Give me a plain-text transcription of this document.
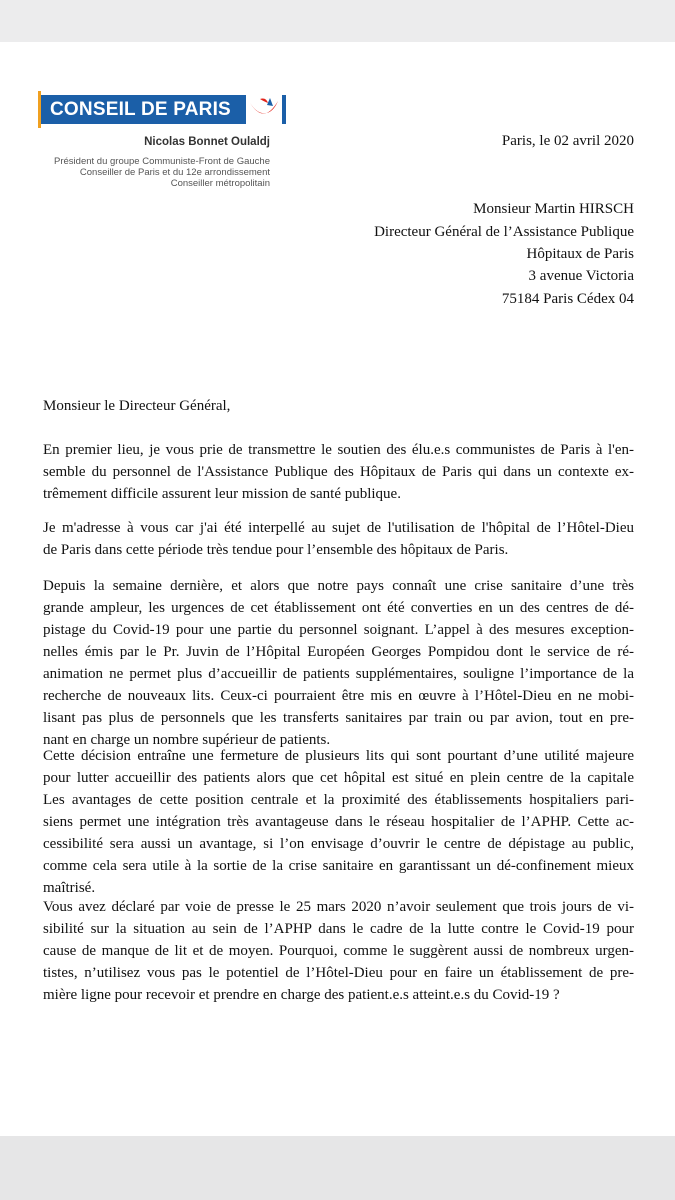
CONSEIL DE PARIS
Nicolas Bonnet Oulaldj
Président du groupe Communiste-Front de Gauche
Conseiller de Paris et du 12e arrondissement
Conseiller métropolitain
Paris, le 02 avril 2020
Monsieur Martin HIRSCH
Directeur Général de l’Assistance Publique
Hôpitaux de Paris
3 avenue Victoria
75184 Paris Cédex 04
Monsieur le Directeur Général,
En premier lieu, je vous prie de transmettre le soutien des élu.e.s communistes de Paris à l'en-
semble du personnel de l'Assistance Publique des Hôpitaux de Paris qui dans un contexte ex-
trêmement difficile assurent leur mission de santé publique.
Je m'adresse à vous car j'ai été interpellé au sujet de l'utilisation de l'hôpital de l’Hôtel-Dieu
de Paris dans cette période très tendue pour l’ensemble des hôpitaux de Paris.
Depuis la semaine dernière, et alors que notre pays connaît une crise sanitaire d’une très
grande ampleur, les urgences de cet établissement ont été converties en un des centres de dé-
pistage du Covid-19 pour une partie du personnel soignant. L’appel à des mesures exception-
nelles émis par le Pr. Juvin de l’Hôpital Européen Georges Pompidou dont le service de ré-
animation ne permet plus d’accueillir de patients supplémentaires, souligne l’importance de la
recherche de nouveaux lits. Ceux-ci pourraient être mis en œuvre à l’Hôtel-Dieu en ne mobi-
lisant pas plus de personnels que les transferts sanitaires par train ou par avion, tout en pre-
nant en charge un nombre supérieur de patients.
Cette décision entraîne une fermeture de plusieurs lits qui sont pourtant d’une utilité majeure
pour lutter accueillir des patients alors que cet hôpital est situé en plein centre de la capitale
Les avantages de cette position centrale et la proximité des établissements hospitaliers pari-
siens permet une intégration très avantageuse dans le réseau hospitalier de l’APHP. Cette ac-
cessibilité sera aussi un avantage, si l’on envisage d’ouvrir le centre de dépistage au public,
comme cela sera utile à la sortie de la crise sanitaire en garantissant un dé-confinement mieux
maîtrisé.
Vous avez déclaré par voie de presse le 25 mars 2020 n’avoir seulement que trois jours de vi-
sibilité sur la situation au sein de l’APHP dans le cadre de la lutte contre le Covid-19 pour
cause de manque de lit et de moyen. Pourquoi, comme le suggèrent aussi de nombreux urgen-
tistes, n’utilisez vous pas le potentiel de l’Hôtel-Dieu pour en faire un établissement de pre-
mière ligne pour recevoir et prendre en charge des patient.e.s atteint.e.s du Covid-19 ?
